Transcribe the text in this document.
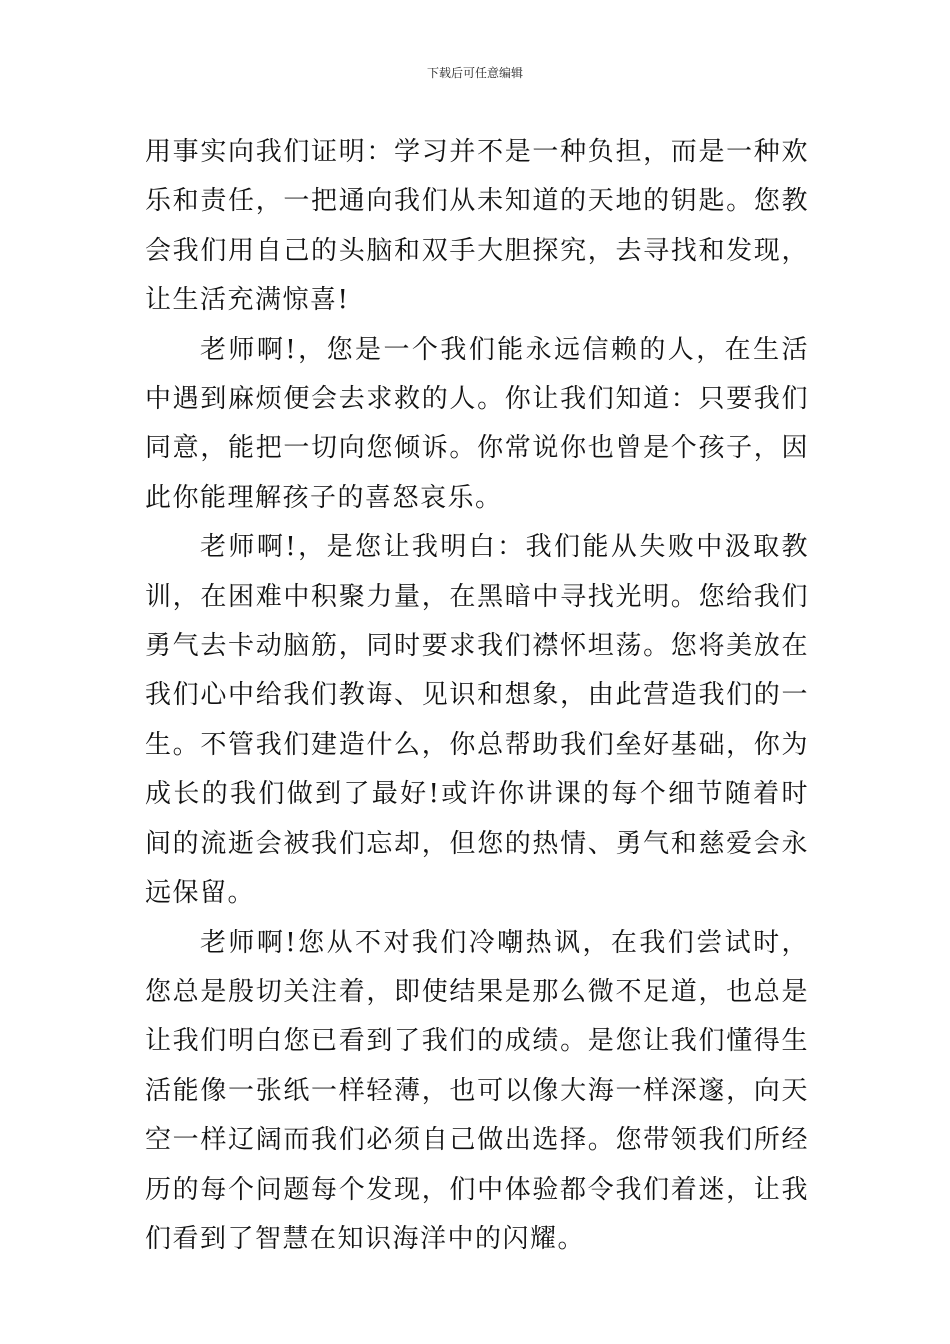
下载后可任意编辑

用事实向我们证明：学习并不是一种负担，而是一种欢乐和责任，一把通向我们从未知道的天地的钥匙。您教会我们用自己的头脑和双手大胆探究，去寻找和发现，让生活充满惊喜!

老师啊!，您是一个我们能永远信赖的人，在生活中遇到麻烦便会去求救的人。你让我们知道：只要我们同意，能把一切向您倾诉。你常说你也曾是个孩子，因此你能理解孩子的喜怒哀乐。

老师啊!，是您让我明白：我们能从失败中汲取教训，在困难中积聚力量，在黑暗中寻找光明。您给我们勇气去卡动脑筋，同时要求我们襟怀坦荡。您将美放在我们心中给我们教诲、见识和想象，由此营造我们的一生。不管我们建造什么，你总帮助我们垒好基础，你为成长的我们做到了最好!或许你讲课的每个细节随着时间的流逝会被我们忘却，但您的热情、勇气和慈爱会永远保留。

老师啊!您从不对我们冷嘲热讽，在我们尝试时，您总是殷切关注着，即使结果是那么微不足道，也总是让我们明白您已看到了我们的成绩。是您让我们懂得生活能像一张纸一样轻薄，也可以像大海一样深邃，向天空一样辽阔而我们必须自己做出选择。您带领我们所经历的每个问题每个发现，们中体验都令我们着迷，让我们看到了智慧在知识海洋中的闪耀。
